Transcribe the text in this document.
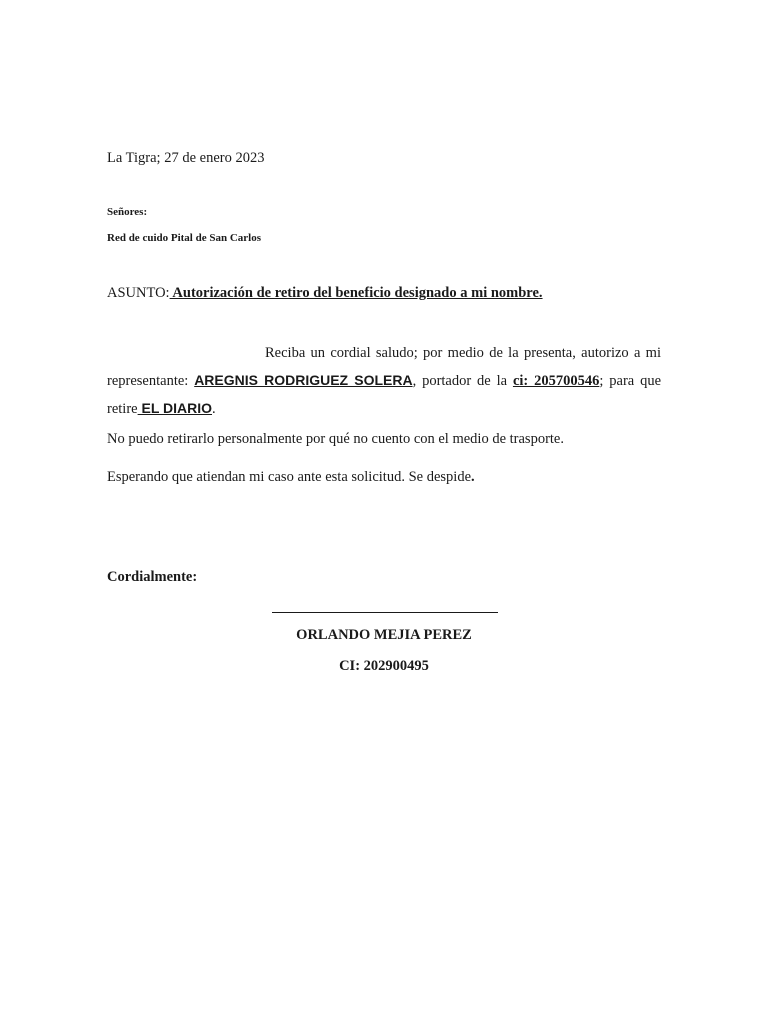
La Tigra; 27 de enero 2023
Señores:
Red de cuido Pital de San Carlos
ASUNTO: Autorización de retiro del beneficio designado a mi nombre.
Reciba un cordial saludo; por medio de la presenta, autorizo a mi representante: AREGNIS RODRIGUEZ SOLERA, portador de la ci: 205700546; para que retire EL DIARIO.
No puedo retirarlo personalmente por qué no cuento con el medio de trasporte.
Esperando que atiendan mi caso ante esta solicitud. Se despide.
Cordialmente:
ORLANDO MEJIA PEREZ
CI: 202900495
